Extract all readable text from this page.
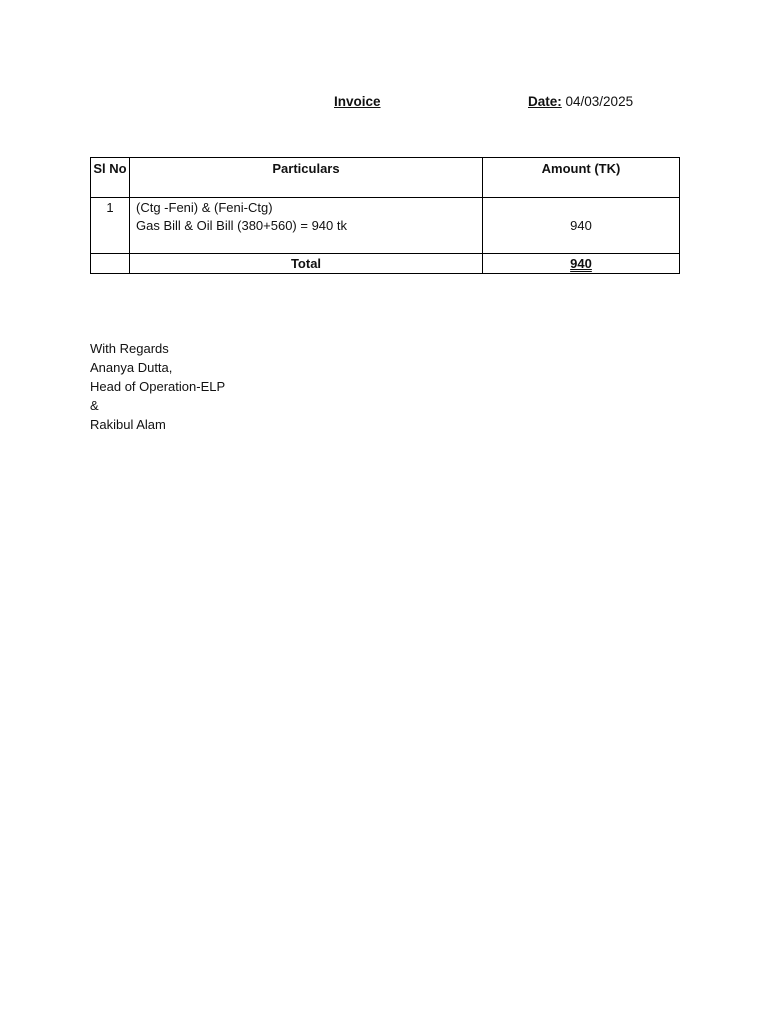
Invoice	Date: 04/03/2025
Sl No	Particulars	Amount (TK)
1	(Ctg -Feni) & (Feni-Ctg)
Gas Bill & Oil Bill (380+560) = 940 tk	940
	Total	940
With Regards
Ananya Dutta,
Head of Operation-ELP
&
Rakibul Alam
